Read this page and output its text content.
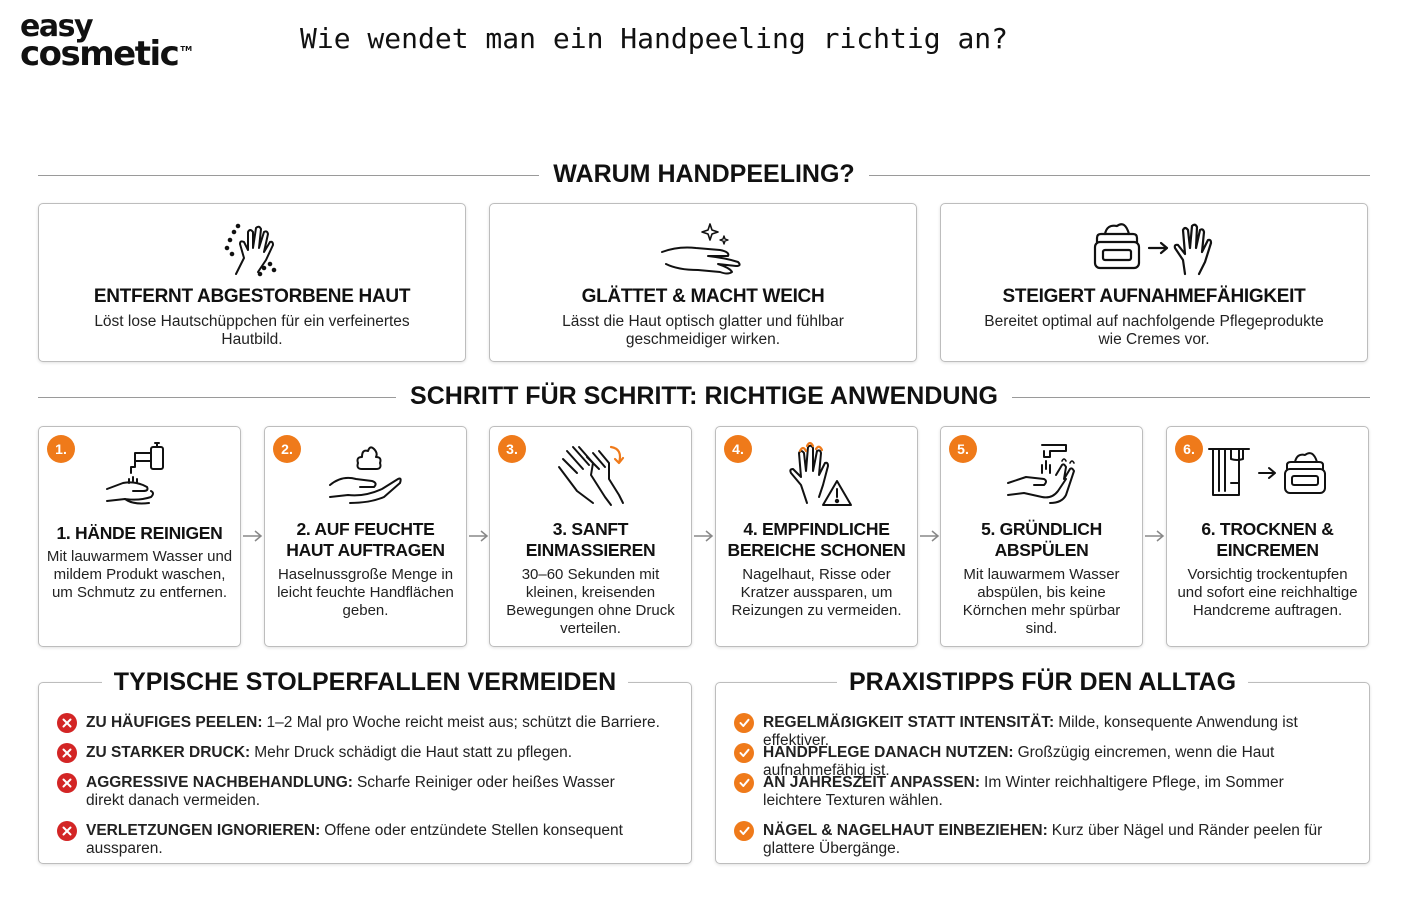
easy
cosmetic ™	Wie wendet man ein Handpeeling richtig an?
WARUM HANDPEELING?
ENTFERNT ABGESTORBENE HAUT
Löst lose Hautschüppchen für ein verfeinertes Hautbild.
GLÄTTET & MACHT WEICH
Lässt die Haut optisch glatter und fühlbar geschmeidiger wirken.
STEIGERT AUFNAHMEFÄHIGKEIT
Bereitet optimal auf nachfolgende Pflegeprodukte wie Cremes vor.
SCHRITT FÜR SCHRITT: RICHTIGE ANWENDUNG
1.
1. HÄNDE REINIGEN
Mit lauwarmem Wasser und mildem Produkt waschen, um Schmutz zu entfernen.
2.
2. AUF FEUCHTE HAUT AUFTRAGEN
Haselnussgroße Menge in leicht feuchte Handflächen geben.
3.
3. SANFT EINMASSIEREN
30–60 Sekunden mit kleinen, kreisenden Bewegungen ohne Druck verteilen.
4.
4. EMPFINDLICHE BEREICHE SCHONEN
Nagelhaut, Risse oder Kratzer aussparen, um Reizungen zu vermeiden.
5.
5. GRÜNDLICH ABSPÜLEN
Mit lauwarmem Wasser abspülen, bis keine Körnchen mehr spürbar sind.
6.
6. TROCKNEN & EINCREMEN
Vorsichtig trockentupfen und sofort eine reichhaltige Handcreme auftragen.
ZU HÄUFIGES PEELEN: 1–2 Mal pro Woche reicht meist aus; schützt die Barriere.
ZU STARKER DRUCK: Mehr Druck schädigt die Haut statt zu pflegen.
AGGRESSIVE NACHBEHANDLUNG: Scharfe Reiniger oder heißes Wasser direkt danach vermeiden.
VERLETZUNGEN IGNORIEREN: Offene oder entzündete Stellen konsequent aussparen.
TYPISCHE STOLPERFALLEN VERMEIDEN
REGELMÄẞIGKEIT STATT INTENSITÄT: Milde, konsequente Anwendung ist effektiver.
HANDPFLEGE DANACH NUTZEN: Großzügig eincremen, wenn die Haut aufnahmefähig ist.
AN JAHRESZEIT ANPASSEN: Im Winter reichhaltigere Pflege, im Sommer leichtere Texturen wählen.
NÄGEL & NAGELHAUT EINBEZIEHEN: Kurz über Nägel und Ränder peelen für glattere Übergänge.
PRAXISTIPPS FÜR DEN ALLTAG
